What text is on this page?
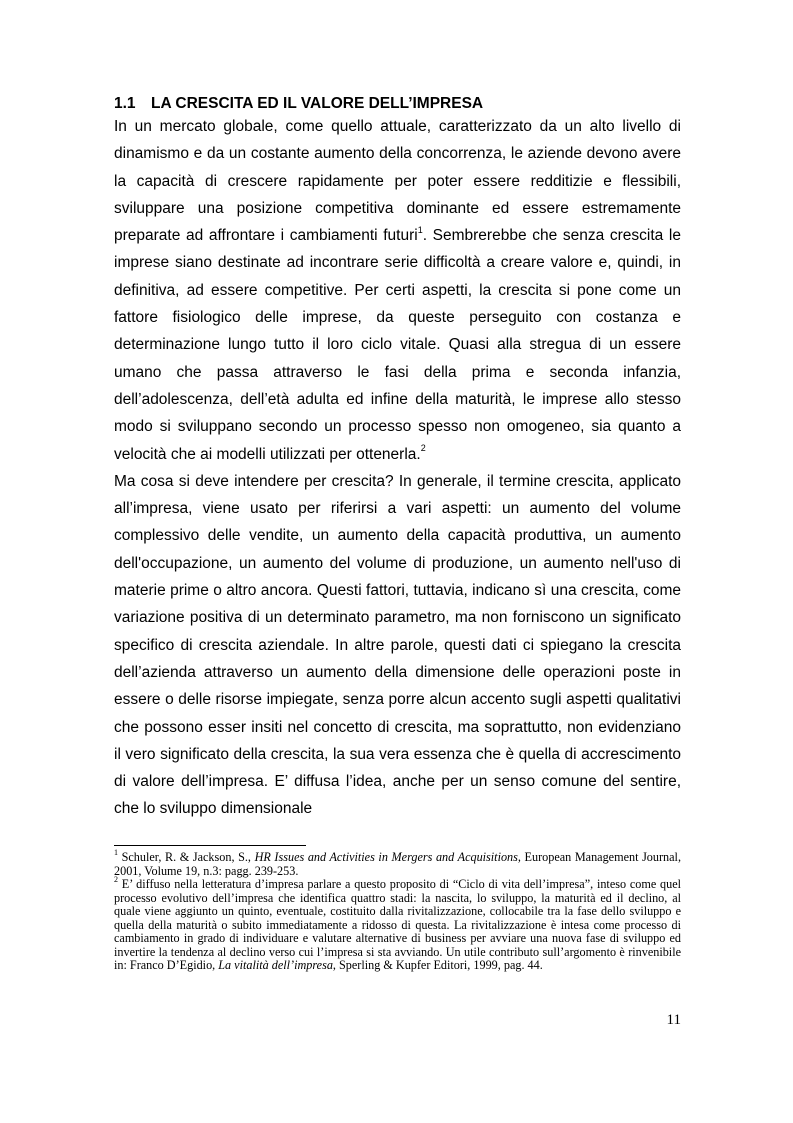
1.1 LA CRESCITA ED IL VALORE DELL’IMPRESA

In un mercato globale, come quello attuale, caratterizzato da un alto livello di dinamismo e da un costante aumento della concorrenza, le aziende devono avere la capacità di crescere rapidamente per poter essere redditizie e flessibili, sviluppare una posizione competitiva dominante ed essere estremamente preparate ad affrontare i cambiamenti futuri$^1$. Sembrerebbe che senza crescita le imprese siano destinate ad incontrare serie difficoltà a creare valore e, quindi, in definitiva, ad essere competitive. Per certi aspetti, la crescita si pone come un fattore fisiologico delle imprese, da queste perseguito con costanza e determinazione lungo tutto il loro ciclo vitale. Quasi alla stregua di un essere umano che passa attraverso le fasi della prima e seconda infanzia, dell’adolescenza, dell’età adulta ed infine della maturità, le imprese allo stesso modo si sviluppano secondo un processo spesso non omogeneo, sia quanto a velocità che ai modelli utilizzati per ottenerla.$^2$

Ma cosa si deve intendere per crescita? In generale, il termine crescita, applicato all’impresa, viene usato per riferirsi a vari aspetti: un aumento del volume complessivo delle vendite, un aumento della capacità produttiva, un aumento dell'occupazione, un aumento del volume di produzione, un aumento nell'uso di materie prime o altro ancora. Questi fattori, tuttavia, indicano sì una crescita, come variazione positiva di un determinato parametro, ma non forniscono un significato specifico di crescita aziendale. In altre parole, questi dati ci spiegano la crescita dell’azienda attraverso un aumento della dimensione delle operazioni poste in essere o delle risorse impiegate, senza porre alcun accento sugli aspetti qualitativi che possono esser insiti nel concetto di crescita, ma soprattutto, non evidenziano il vero significato della crescita, la sua vera essenza che è quella di accrescimento di valore dell’impresa. E’ diffusa l’idea, anche per un senso comune del sentire, che lo sviluppo dimensionale

$^1$ Schuler, R. & Jackson, S., HR Issues and Activities in Mergers and Acquisitions, European Management Journal, 2001, Volume 19, n.3: pagg. 239-253.

$^2$ E’ diffuso nella letteratura d’impresa parlare a questo proposito di “Ciclo di vita dell’impresa”, inteso come quel processo evolutivo dell’impresa che identifica quattro stadi: la nascita, lo sviluppo, la maturità ed il declino, al quale viene aggiunto un quinto, eventuale, costituito dalla rivitalizzazione, collocabile tra la fase dello sviluppo e quella della maturità o subito immediatamente a ridosso di questa. La rivitalizzazione è intesa come processo di cambiamento in grado di individuare e valutare alternative di business per avviare una nuova fase di sviluppo ed invertire la tendenza al declino verso cui l’impresa si sta avviando. Un utile contributo sull’argomento è rinvenibile in: Franco D’Egidio, La vitalità dell’impresa, Sperling & Kupfer Editori, 1999, pag. 44.

11
